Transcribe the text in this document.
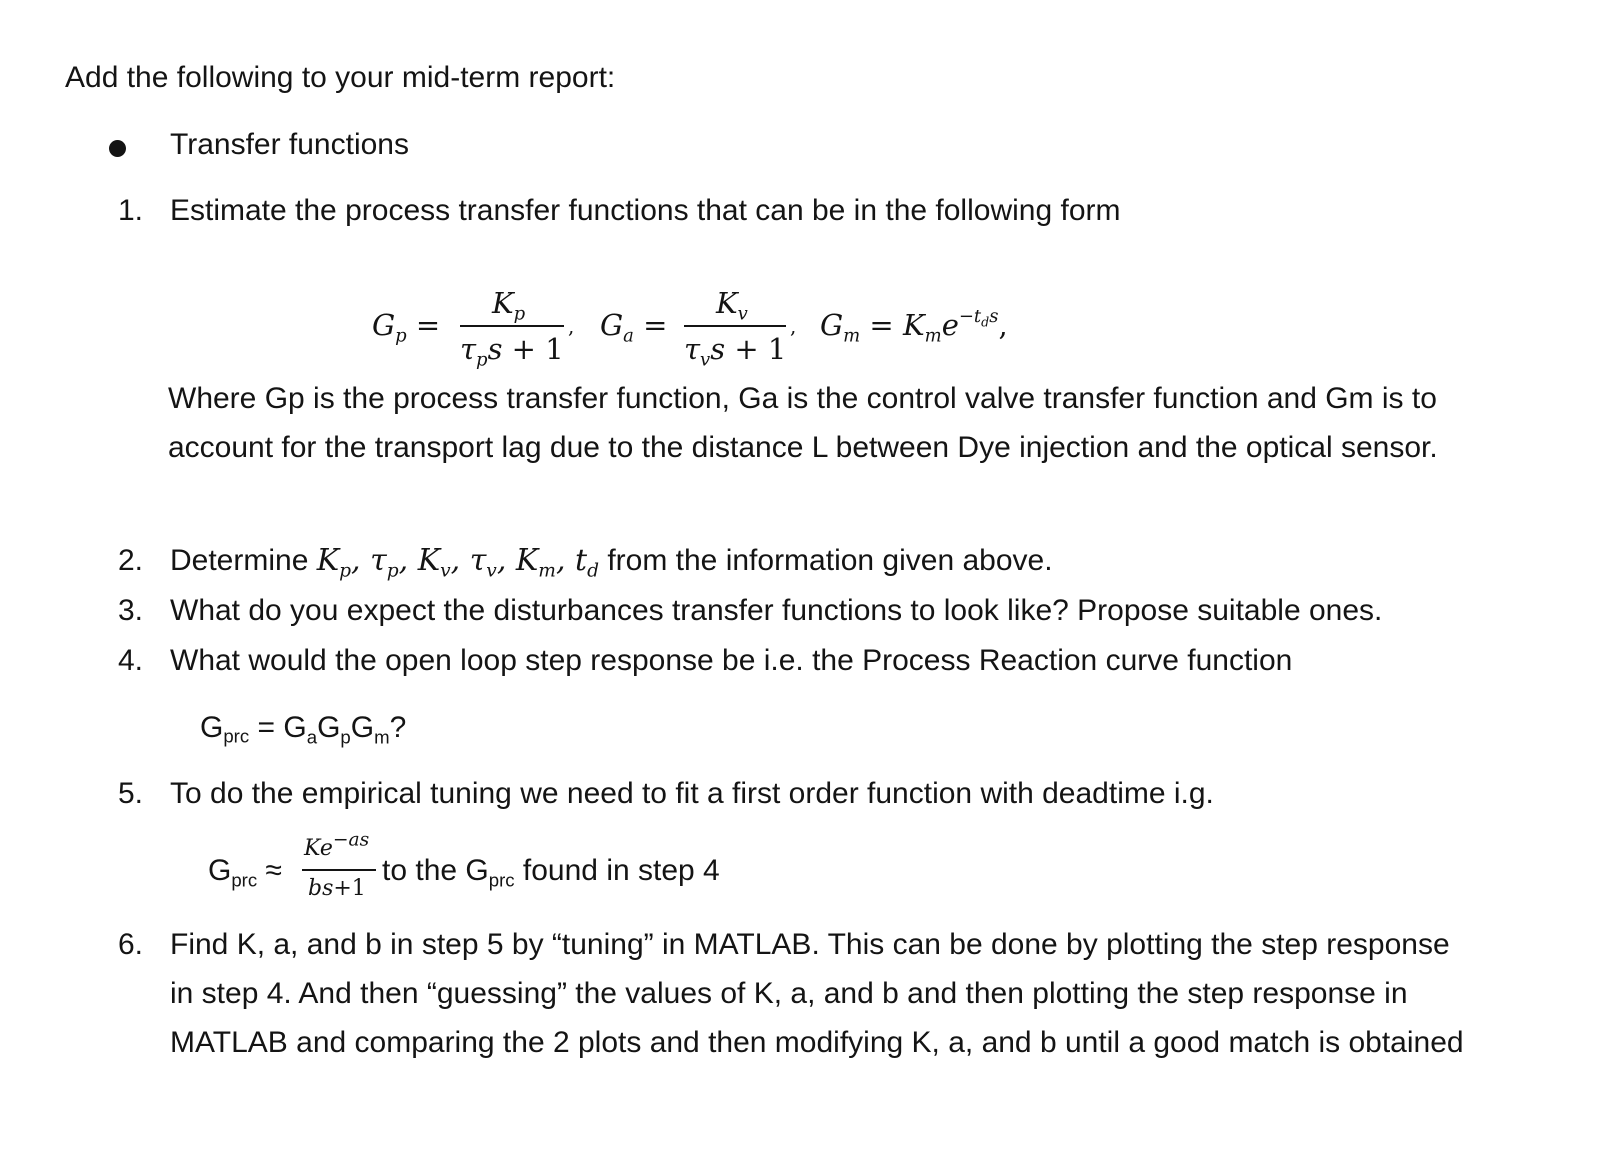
Add the following to your mid-term report:
Transfer functions
1. Estimate the process transfer functions that can be in the following form
$G_p$ =
$K_p$
$\tau_ps + 1$
, $G_a$ =
$K_v$
$\tau_vs + 1$
, $G_m = K_me^{-t_ds}$,
Where Gp is the process transfer function, Ga is the control valve transfer function and Gm is to account for the transport lag due to the distance L between Dye injection and the optical sensor.
2. Determine $K_p$, $\tau_p$, $K_v$, $\tau_v$, $K_m$, $t_d$ from the information given above.
3. What do you expect the disturbances transfer functions to look like? Propose suitable ones.
4. What would the open loop step response be i.e. the Process Reaction curve function
$G_{prc} = G_aG_pG_m$?
5. To do the empirical tuning we need to fit a first order function with deadtime i.g.
$G_{prc}$ ≈
$Ke^{-as}$
bs+1
to the $G_{prc}$ found in step 4
6. Find K, a, and b in step 5 by “tuning” in MATLAB. This can be done by plotting the step response in step 4. And then “guessing” the values of K, a, and b and then plotting the step response in MATLAB and comparing the 2 plots and then modifying K, a, and b until a good match is obtained
